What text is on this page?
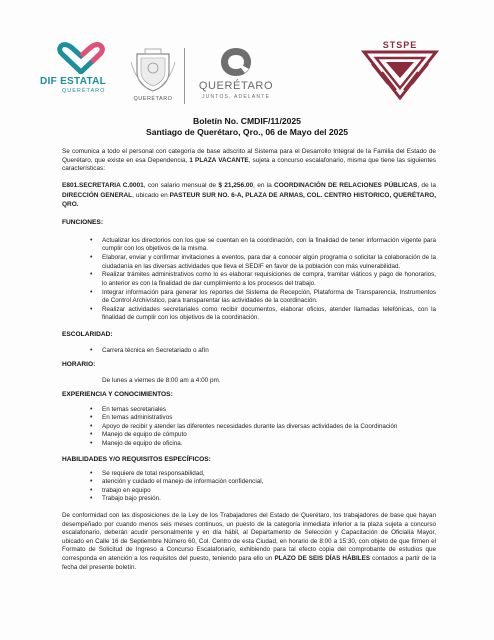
DIF ESTATAL
QUERÉTARO
QUERÉTARO
QUERÉTARO
JUNTOS, ADELANTE
STSPE
Boletín No. CMDIF/11/2025
Santiago de Querétaro, Qro., 06 de Mayo del 2025
Se comunica a todo el personal con categoría de base adscrito al Sistema para el Desarrollo Integral de la Familia del Estado de Querétaro, que existe en esa Dependencia, 1 PLAZA VACANTE, sujeta a concurso escalafonario, misma que tiene las siguientes características:
E801.SECRETARIA C.0001, con salario mensual de $ 21,256.00, en la COORDINACIÓN DE RELACIONES PÚBLICAS, de la DIRECCIÓN GENERAL, ubicado en PASTEUR SUR NO. 6-A, PLAZA DE ARMAS, COL. CENTRO HISTORICO, QUERÉTARO, QRO.
FUNCIONES:
• Actualizar los directorios con los que se cuentan en la coordinación, con la finalidad de tener información vigente para cumplir con los objetivos de la misma.
• Elaborar, enviar y confirmar invitaciones a eventos, para dar a conocer algún programa o solicitar la colaboración de la ciudadanía en las diversas actividades que lleva el SEDIF en favor de la población con más vulnerabilidad.
• Realizar trámites administrativos como lo es elaborar requisiciones de compra, tramitar viáticos y pago de honorarios, lo anterior es con la finalidad de dar cumplimiento a los procesos del trabajo.
• Integrar información para generar los reportes del Sistema de Recepción, Plataforma de Transparencia, Instrumentos de Control Archivístico, para transparentar las actividades de la coordinación.
• Realizar actividades secretariales como recibir documentos, elaborar oficios, atender llamadas telefónicas, con la finalidad de cumplir con los objetivos de la coordinación.
ESCOLARIDAD:
• Carrera técnica en Secretariado o afín
HORARIO:
De lunes a viernes de 8:00 am a 4:00 pm.
EXPERIENCIA Y CONOCIMIENTOS:
• En temas secretariales
• En temas administrativos
• Apoyo de recibir y atender las diferentes necesidades durante las diversas actividades de la Coordinación
• Manejo de equipo de cómputo
• Manejo de equipo de oficina.
HABILIDADES Y/O REQUISITOS ESPECÍFICOS:
• Se requiere de total responsabilidad,
• atención y cuidado el manejo de información confidencial,
• trabajo en equipo
• Trabajo bajo presión.
De conformidad con las disposiciones de la Ley de los Trabajadores del Estado de Querétaro, los trabajadores de base que hayan desempeñado por cuando menos seis meses continuos, un puesto de la categoría inmediata inferior a la plaza sujeta a concurso escalafonario, deberán acudir personalmente y en día hábil, al Departamento de Selección y Capacitación de Oficialía Mayor, ubicado en Calle 16 de Septiembre Número 60, Col. Centro de esta Ciudad, en horario de 8:00 a 15:30, con objeto de que firmen el Formato de Solicitud de Ingreso a Concurso Escalafonario, exhibiendo para tal efecto copia del comprobante de estudios que corresponda en atención a los requisitos del puesto, teniendo para ello un PLAZO DE SEIS DÍAS HÁBILES contados a partir de la fecha del presente boletín.
